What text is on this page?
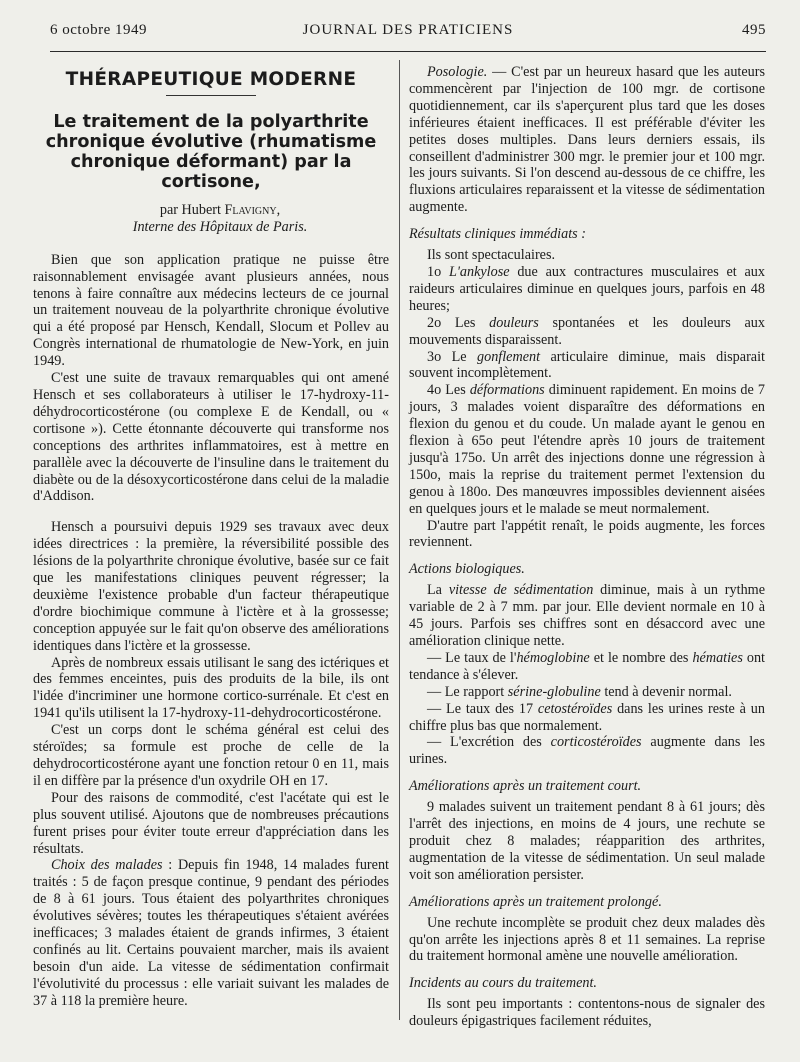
6 octobre 1949	JOURNAL DES PRATICIENS	495
THÉRAPEUTIQUE MODERNE
Le traitement de la polyarthrite chronique évolutive (rhumatisme chronique déformant) par la cortisone,

par Hubert Flavigny,

Interne des Hôpitaux de Paris.

Bien que son application pratique ne puisse être raisonnablement envisagée avant plusieurs années, nous tenons à faire connaître aux médecins lecteurs de ce journal un traitement nouveau de la polyarthrite chronique évolutive qui a été proposé par Hensch, Kendall, Slocum et Pollev au Congrès international de rhumatologie de New-York, en juin 1949.

C'est une suite de travaux remarquables qui ont amené Hensch et ses collaborateurs à utiliser le 17-hydroxy-11-déhydrocorticostérone (ou complexe E de Kendall, ou « cortisone »). Cette étonnante découverte qui transforme nos conceptions des arthrites inflammatoires, est à mettre en parallèle avec la découverte de l'insuline dans le traitement du diabète ou de la désoxycorticostérone dans celui de la maladie d'Addison.

Hensch a poursuivi depuis 1929 ses travaux avec deux idées directrices : la première, la réversibilité possible des lésions de la polyarthrite chronique évolutive, basée sur ce fait que les manifestations cliniques peuvent régresser; la deuxième l'existence probable d'un facteur thérapeutique d'ordre biochimique commune à l'ictère et à la grossesse; conception appuyée sur le fait qu'on observe des améliorations identiques dans l'ictère et la grossesse.

Après de nombreux essais utilisant le sang des ictériques et des femmes enceintes, puis des produits de la bile, ils ont l'idée d'incriminer une hormone cortico-surrénale. Et c'est en 1941 qu'ils utilisent la 17-hydroxy-11-dehydrocorticostérone.

C'est un corps dont le schéma général est celui des stéroïdes; sa formule est proche de celle de la dehydrocorticostérone ayant une fonction retour 0 en 11, mais il en diffère par la présence d'un oxydrile OH en 17.

Pour des raisons de commodité, c'est l'acétate qui est le plus souvent utilisé. Ajoutons que de nombreuses précautions furent prises pour éviter toute erreur d'appréciation dans les résultats.

Choix des malades : Depuis fin 1948, 14 malades furent traités : 5 de façon presque continue, 9 pendant des périodes de 8 à 61 jours. Tous étaient des polyarthrites chroniques évolutives sévères; toutes les thérapeutiques s'étaient avérées inefficaces; 3 malades étaient de grands infirmes, 3 étaient confinés au lit. Certains pouvaient marcher, mais ils avaient besoin d'un aide. La vitesse de sédimentation confirmait l'évolutivité du processus : elle variait suivant les malades de 37 à 118 la première heure.

Posologie. — C'est par un heureux hasard que les auteurs commencèrent par l'injection de 100 mgr. de cortisone quotidiennement, car ils s'aperçurent plus tard que les doses inférieures étaient inefficaces. Il est préférable d'éviter les petites doses multiples. Dans leurs derniers essais, ils conseillent d'administrer 300 mgr. le premier jour et 100 mgr. les jours suivants. Si l'on descend au-dessous de ce chiffre, les fluxions articulaires reparaissent et la vitesse de sédimentation augmente.

Résultats cliniques immédiats :

Ils sont spectaculaires.

1o L'ankylose due aux contractures musculaires et aux raideurs articulaires diminue en quelques jours, parfois en 48 heures;

2o Les douleurs spontanées et les douleurs aux mouvements disparaissent.

3o Le gonflement articulaire diminue, mais disparait souvent incomplètement.

4o Les déformations diminuent rapidement. En moins de 7 jours, 3 malades voient disparaître des déformations en flexion du genou et du coude. Un malade ayant le genou en flexion à 65o peut l'étendre après 10 jours de traitement jusqu'à 175o. Un arrêt des injections donne une régression à 150o, mais la reprise du traitement permet l'extension du genou à 180o. Des manœuvres impossibles deviennent aisées en quelques jours et le malade se meut normalement.

D'autre part l'appétit renaît, le poids augmente, les forces reviennent.

Actions biologiques.

La vitesse de sédimentation diminue, mais à un rythme variable de 2 à 7 mm. par jour. Elle devient normale en 10 à 45 jours. Parfois ses chiffres sont en désaccord avec une amélioration clinique nette.

— Le taux de l'hémoglobine et le nombre des hématies ont tendance à s'élever.

— Le rapport sérine-globuline tend à devenir normal.

— Le taux des 17 cetostéroïdes dans les urines reste à un chiffre plus bas que normalement.

— L'excrétion des corticostéroïdes augmente dans les urines.

Améliorations après un traitement court.

9 malades suivent un traitement pendant 8 à 61 jours; dès l'arrêt des injections, en moins de 4 jours, une rechute se produit chez 8 malades; réapparition des arthrites, augmentation de la vitesse de sédimentation. Un seul malade voit son amélioration persister.

Améliorations après un traitement prolongé.

Une rechute incomplète se produit chez deux malades dès qu'on arrête les injections après 8 et 11 semaines. La reprise du traitement hormonal amène une nouvelle amélioration.

Incidents au cours du traitement.

Ils sont peu importants : contentons-nous de signaler des douleurs épigastriques facilement réduites,
